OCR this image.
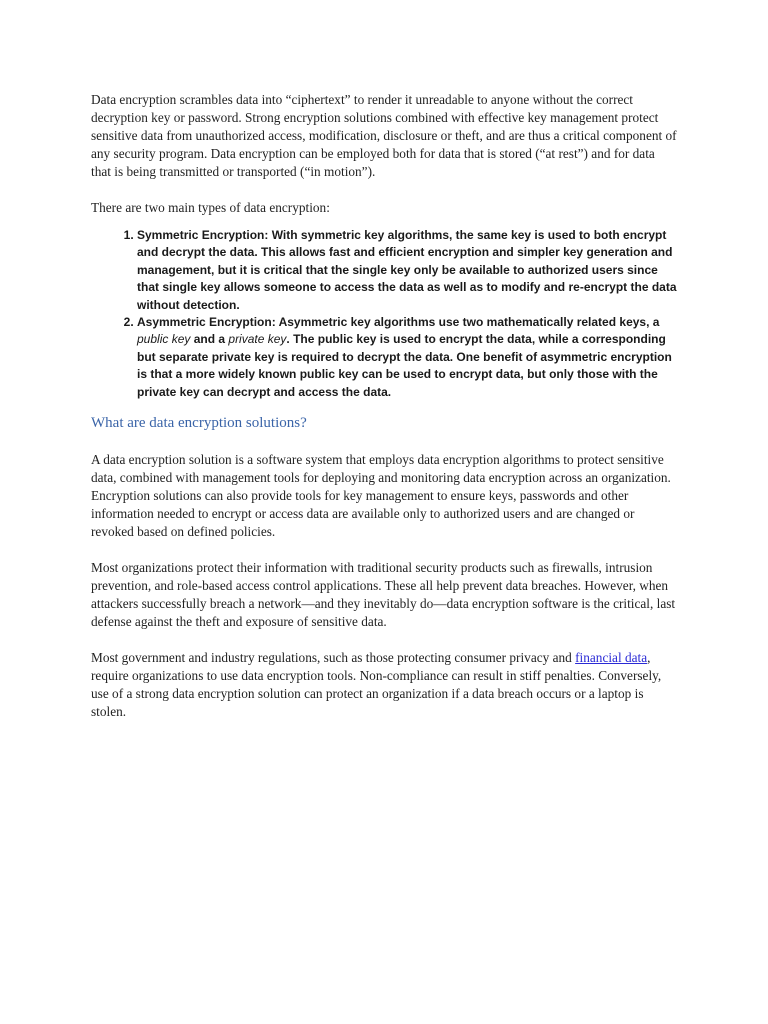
Data encryption scrambles data into “ciphertext” to render it unreadable to anyone without the correct decryption key or password. Strong encryption solutions combined with effective key management protect sensitive data from unauthorized access, modification, disclosure or theft, and are thus a critical component of any security program. Data encryption can be employed both for data that is stored (“at rest”) and for data that is being transmitted or transported (“in motion”).

There are two main types of data encryption:

1. Symmetric Encryption: With symmetric key algorithms, the same key is used to both encrypt and decrypt the data. This allows fast and efficient encryption and simpler key generation and management, but it is critical that the single key only be available to authorized users since that single key allows someone to access the data as well as to modify and re-encrypt the data without detection.
2. Asymmetric Encryption: Asymmetric key algorithms use two mathematically related keys, a public key and a private key. The public key is used to encrypt the data, while a corresponding but separate private key is required to decrypt the data. One benefit of asymmetric encryption is that a more widely known public key can be used to encrypt data, but only those with the private key can decrypt and access the data.
What are data encryption solutions?

A data encryption solution is a software system that employs data encryption algorithms to protect sensitive data, combined with management tools for deploying and monitoring data encryption across an organization. Encryption solutions can also provide tools for key management to ensure keys, passwords and other information needed to encrypt or access data are available only to authorized users and are changed or revoked based on defined policies.

Most organizations protect their information with traditional security products such as firewalls, intrusion prevention, and role-based access control applications. These all help prevent data breaches. However, when attackers successfully breach a network—and they inevitably do—data encryption software is the critical, last defense against the theft and exposure of sensitive data.

Most government and industry regulations, such as those protecting consumer privacy and financial data, require organizations to use data encryption tools. Non-compliance can result in stiff penalties. Conversely, use of a strong data encryption solution can protect an organization if a data breach occurs or a laptop is stolen.
